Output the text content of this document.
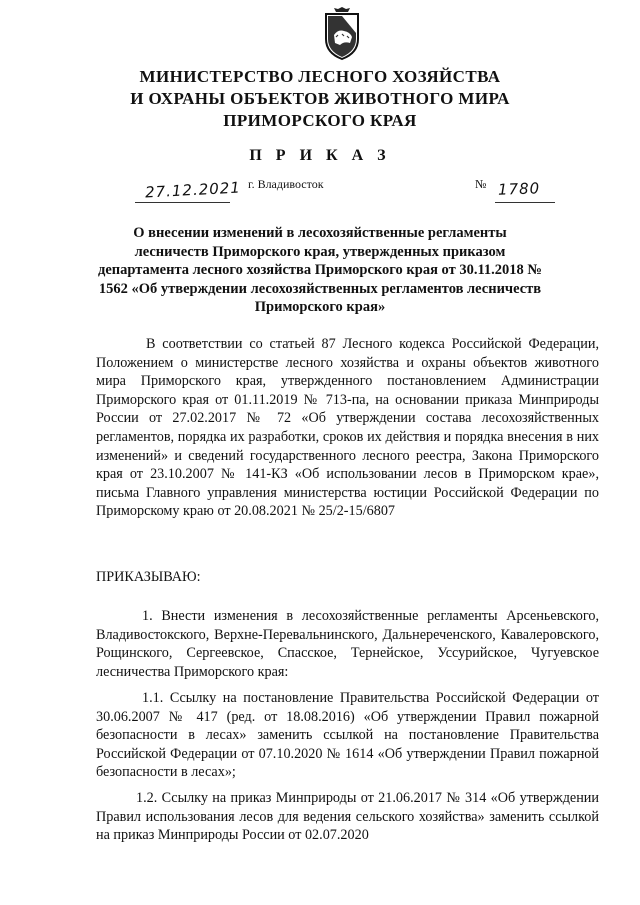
МИНИСТЕРСТВО ЛЕСНОГО ХОЗЯЙСТВА
И ОХРАНЫ ОБЪЕКТОВ ЖИВОТНОГО МИРА
ПРИМОРСКОГО КРАЯ
П Р И К А З
27.12.2021 г. Владивосток	№ 1780
О внесении изменений в лесохозяйственные регламенты лесничеств Приморского края, утвержденных приказом департамента лесного хозяйства Приморского края от 30.11.2018 № 1562 «Об утверждении лесохозяйственных регламентов лесничеств Приморского края»

В соответствии со статьей 87 Лесного кодекса Российской Федерации, Положением о министерстве лесного хозяйства и охраны объектов животного мира Приморского края, утвержденного постановлением Администрации Приморского края от 01.11.2019 № 713-па, на основании приказа Минприроды России от 27.02.2017 № 72 «Об утверждении состава лесохозяйственных регламентов, порядка их разработки, сроков их действия и порядка внесения в них изменений» и сведений государственного лесного реестра, Закона Приморского края от 23.10.2007 № 141-КЗ «Об использовании лесов в Приморском крае», письма Главного управления министерства юстиции Российской Федерации по Приморскому краю от 20.08.2021 № 25/2-15/6807

ПРИКАЗЫВАЮ:

1. Внести изменения в лесохозяйственные регламенты Арсеньевского, Владивостокского, Верхне-Перевальнинского, Дальнереченского, Кавалеровского, Рощинского, Сергеевское, Спасское, Тернейское, Уссурийское, Чугуевское лесничества Приморского края:

1.1. Ссылку на постановление Правительства Российской Федерации от 30.06.2007 № 417 (ред. от 18.08.2016) «Об утверждении Правил пожарной безопасности в лесах» заменить ссылкой на постановление Правительства Российской Федерации от 07.10.2020 № 1614 «Об утверждении Правил пожарной безопасности в лесах»;

1.2. Ссылку на приказ Минприроды от 21.06.2017 № 314 «Об утверждении Правил использования лесов для ведения сельского хозяйства» заменить ссылкой на приказ Минприроды России от 02.07.2020
